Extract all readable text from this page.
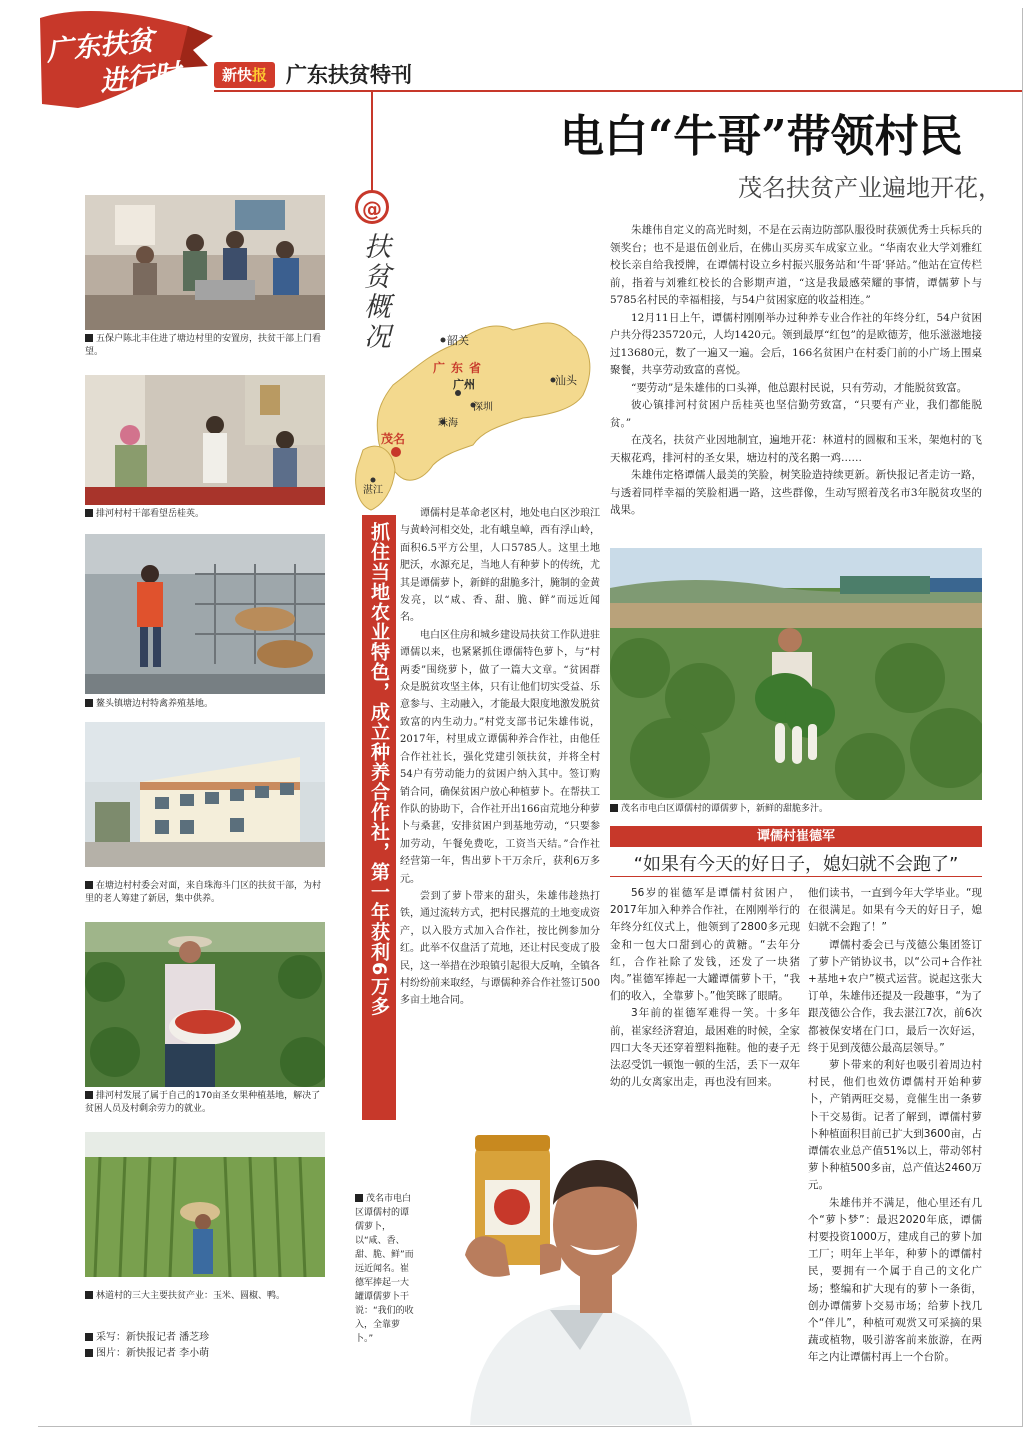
广东扶贫
进行时	新快报 广东扶贫特刊
@
扶贫概况
电白“牛哥”带领村民
茂名扶贫产业遍地开花，
五保户陈北丰住进了塘边村里的安置房，扶贫干部上门看望。
排河村村干部看望岳桂英。
鳌头镇塘边村特禽养殖基地。
在塘边村村委会对面，来自珠海斗门区的扶贫干部，为村里的老人筹建了新居，集中供养。
排河村发展了属于自己的170亩圣女果种植基地，解决了贫困人员及村剩余劳力的就业。
林道村的三大主要扶贫产业：玉米、圆椒、鸭。
采写：新快报记者 潘芝珍
图片：新快报记者 李小萌
广东省
韶关
广州
深圳
汕头
珠海
湛江
茂名

朱雄伟自定义的高光时刻，不是在云南边防部队服役时获颁优秀士兵标兵的领奖台；也不是退伍创业后，在佛山买房买车成家立业。“华南农业大学刘雅红校长亲自给我授牌，在谭儒村设立乡村振兴服务站和‘牛哥’驿站。”他站在宣传栏前，指着与刘雅红校长的合影期声道，“这是我最感荣耀的事情，谭儒萝卜与5785名村民的幸福相接，与54户贫困家庭的收益相连。”

12月11日上午，谭儒村刚刚举办过种养专业合作社的年终分红，54户贫困户共分得235720元，人均1420元。领到最厚“红包”的是欧德芳，他乐滋滋地接过13680元，数了一遍又一遍。会后，166名贫困户在村委门前的小广场上围桌聚餐，共享劳动致富的喜悦。

“要劳动”是朱雄伟的口头禅，他总跟村民说，只有劳动，才能脱贫致富。

彼心镇排河村贫困户岳桂英也坚信勤劳致富，“只要有产业，我们都能脱贫。”

在茂名，扶贫产业因地制宜，遍地开花：林道村的圆椒和玉米，架炮村的飞天椒花鸡，排河村的圣女果，塘边村的茂名鹅一鸡……

朱雄伟定格谭儒人最美的笑脸，树笑脸造持续更新。新快报记者走访一路，与透着同样幸福的笑脸相遇一路，这些群像，生动写照着茂名市3年脱贫攻坚的战果。

抓住当地农业特色，成立种养合作社，第一年获利6万多

谭儒村是革命老区村，地处电白区沙琅江与黄岭河相交处，北有峨皇嶂，西有浮山岭，面积6.5平方公里，人口5785人。这里土地肥沃，水源充足，当地人有种萝卜的传统，尤其是谭儒萝卜，新鲜的甜脆多汁，腌制的金黄发亮，以“咸、香、甜、脆、鲜”而远近闻名。

电白区住房和城乡建设局扶贫工作队进驻谭儒以来，也紧紧抓住谭儒特色萝卜，与“村两委”围绕萝卜，做了一篇大文章。“贫困群众是脱贫攻坚主体，只有让他们切实受益、乐意参与、主动融入，才能最大限度地激发脱贫致富的内生动力。”村党支部书记朱雄伟说，2017年，村里成立谭儒种养合作社，由他任合作社社长，强化党建引领扶贫，并将全村54户有劳动能力的贫困户纳入其中。签订购销合同，确保贫困户放心种植萝卜。在帮扶工作队的协助下，合作社开出166亩荒地分种萝卜与桑葚，安排贫困户到基地劳动，“只要参加劳动，午餐免费吃，工资当天结。”合作社经营第一年，售出萝卜干万余斤，获利6万多元。

尝到了萝卜带来的甜头，朱雄伟趁热打铁，通过流转方式，把村民撂荒的土地变成资产，以入股方式加入合作社，按比例参加分红。此举不仅盘活了荒地，还让村民变成了股民，这一举措在沙琅镇引起很大反响，全镇各村纷纷前来取经，与谭儒种养合作社签订500多亩土地合同。

茂名市电白区谭儒村的谭儒萝卜，新鲜的甜脆多汁。
谭儒村崔德军
“如果有今天的好日子，媳妇就不会跑了”

56岁的崔德军是谭儒村贫困户，2017年加入种养合作社，在刚刚举行的年终分红仪式上，他领到了2800多元现金和一包大口甜到心的黄糖。“去年分红，合作社除了发钱，还发了一块猪肉。”崔德军捧起一大罐谭儒萝卜干，“我们的收入，全靠萝卜。”他笑眯了眼睛。

3年前的崔德军难得一笑。十多年前，崔家经济窘迫，最困难的时候，全家四口大冬天还穿着塑料拖鞋。他的妻子无法忍受饥一顿饱一顿的生活，丢下一双年幼的儿女离家出走，再也没有回来。

他们读书，一直到今年大学毕业。“现在很满足。如果有今天的好日子，媳妇就不会跑了！”

谭儒村委会已与茂德公集团签订了萝卜产销协议书，以“公司+合作社+基地+农户”模式运营。说起这张大订单，朱雄伟还提及一段趣事，“为了跟茂德公合作，我去湛江7次，前6次都被保安堵在门口，最后一次好运，终于见到茂德公最高层领导。”

萝卜带来的利好也吸引着周边村村民，他们也效仿谭儒村开始种萝卜，产销两旺交易，竟催生出一条萝卜干交易街。记者了解到，谭儒村萝卜种植面积目前已扩大到3600亩，占谭儒农业总产值51%以上，带动邻村萝卜种植500多亩，总产值达2460万元。

朱雄伟并不满足，他心里还有几个“萝卜梦”：最迟2020年底，谭儒村要投资1000万，建成自己的萝卜加工厂；明年上半年，种萝卜的谭儒村民，要拥有一个属于自己的文化广场；整编和扩大现有的萝卜一条街，创办谭儒萝卜交易市场；给萝卜找几个“伴儿”，种植可观赏又可采摘的果蔬或植物，吸引游客前来旅游，在两年之内让谭儒村再上一个台阶。

茂名市电白区谭儒村的谭儒萝卜，以“咸、香、甜、脆、鲜”而远近闻名。崔德军捧起一大罐谭儒萝卜干说：“我们的收入，全靠萝卜。”
